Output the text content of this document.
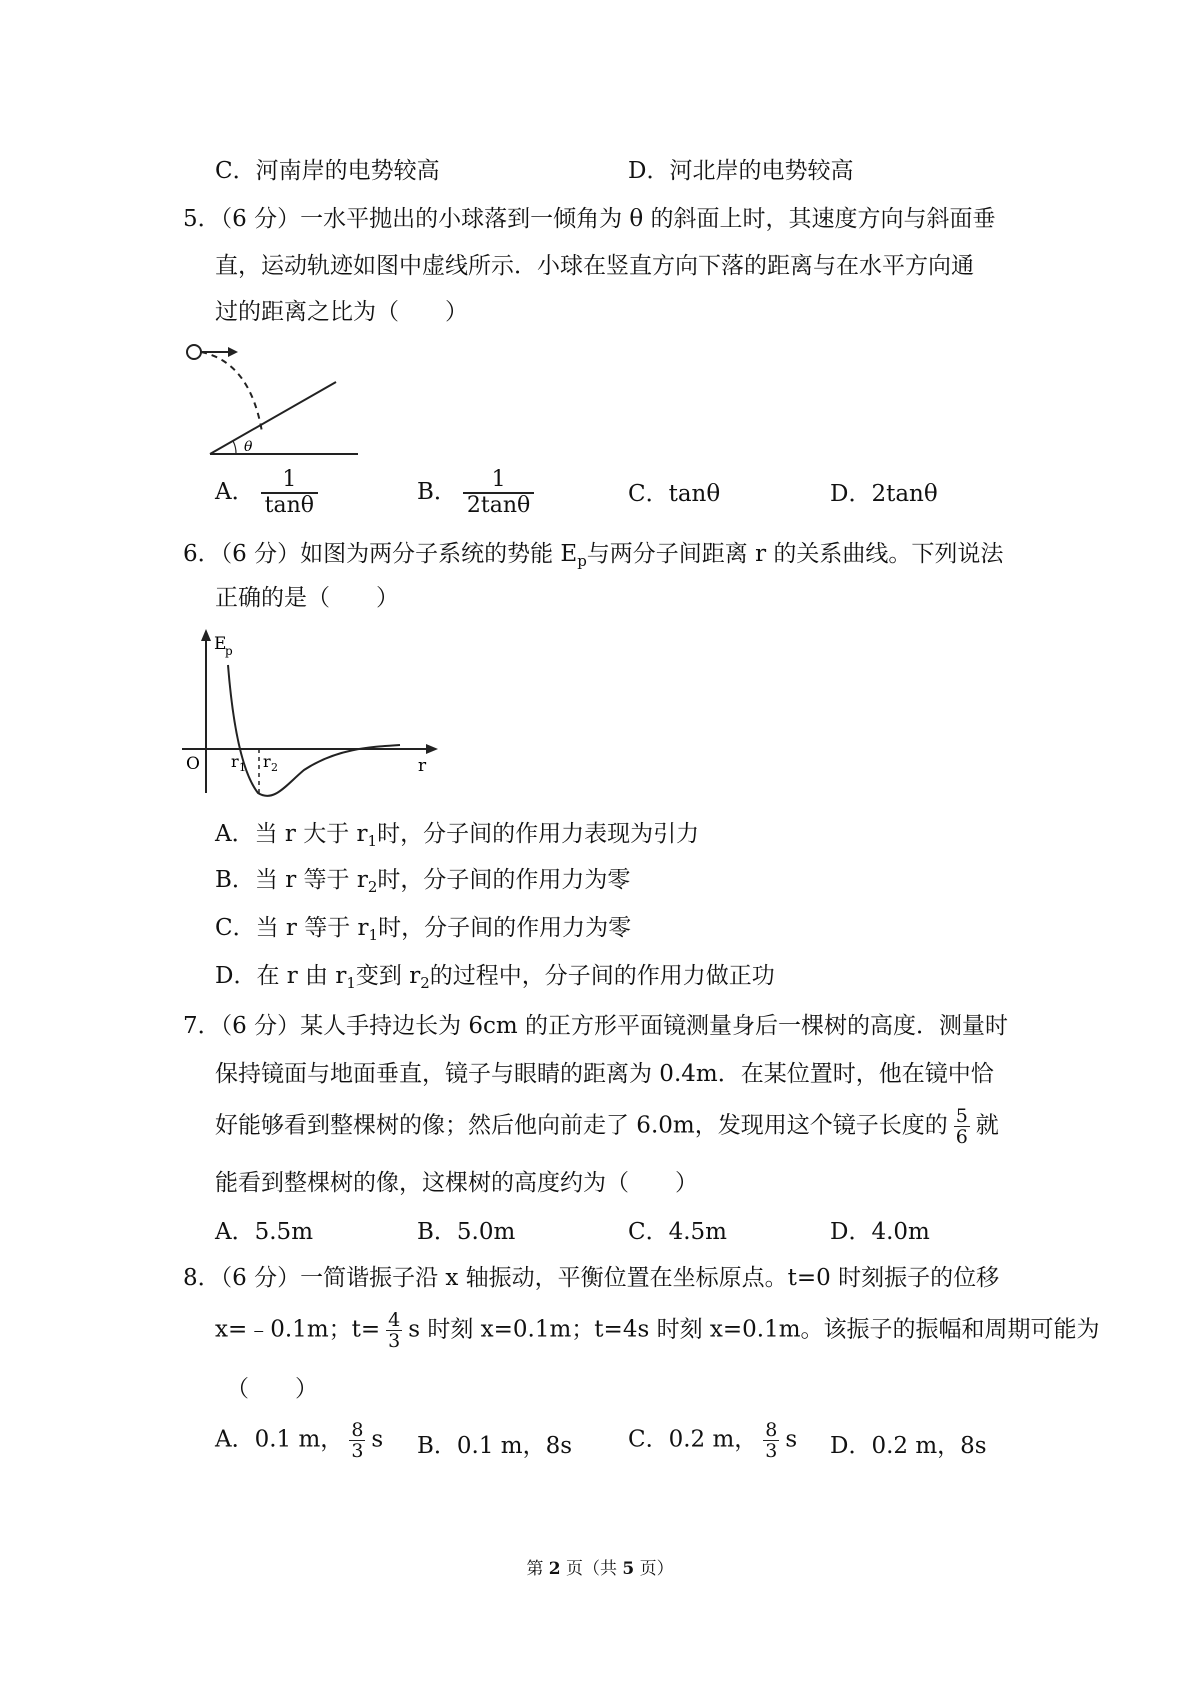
C．河南岸的电势较高	D．河北岸的电势较高
5．（6 分）一水平抛出的小球落到一倾角为 θ 的斜面上时，其速度方向与斜面垂
直，运动轨迹如图中虚线所示．小球在竖直方向下落的距离与在水平方向通
过的距离之比为（　　）
θ
A． $\frac{1}{\tan\theta}$	B． $\frac{1}{2\tan\theta}$	C．tanθ	D．2tanθ
6．（6 分）如图为两分子系统的势能 $E_p$与两分子间距离 r 的关系曲线。下列说法
正确的是（　　）
E
p
O r 1 r 2	r
A．当 r 大于 $r_1$时，分子间的作用力表现为引力
B．当 r 等于 $r_2$时，分子间的作用力为零
C．当 r 等于 $r_1$时，分子间的作用力为零
D．在 r 由 $r_1$变到 $r_2$的过程中，分子间的作用力做正功
7．（6 分）某人手持边长为 6cm 的正方形平面镜测量身后一棵树的高度．测量时
保持镜面与地面垂直，镜子与眼睛的距离为 0.4m．在某位置时，他在镜中恰
好能够看到整棵树的像；然后他向前走了 6.0m，发现用这个镜子长度的 $\frac{5}{6}$ 就
能看到整棵树的像，这棵树的高度约为（　　）
A．5.5m	B．5.0m	C．4.5m	D．4.0m
8．（6 分）一简谐振子沿 x 轴振动，平衡位置在坐标原点。t=0 时刻振子的位移
x=﹣0.1m；$t= \frac{4}{3}$ s 时刻 x=0.1m；t=4s 时刻 x=0.1m。该振子的振幅和周期可能为
（　　）
A．0.1 m， $\frac{8}{3}$ s B．0.1 m，8s C．0.2 m， $\frac{8}{3}$ s D．0.2 m，8s
第 2 页（共 5 页）
